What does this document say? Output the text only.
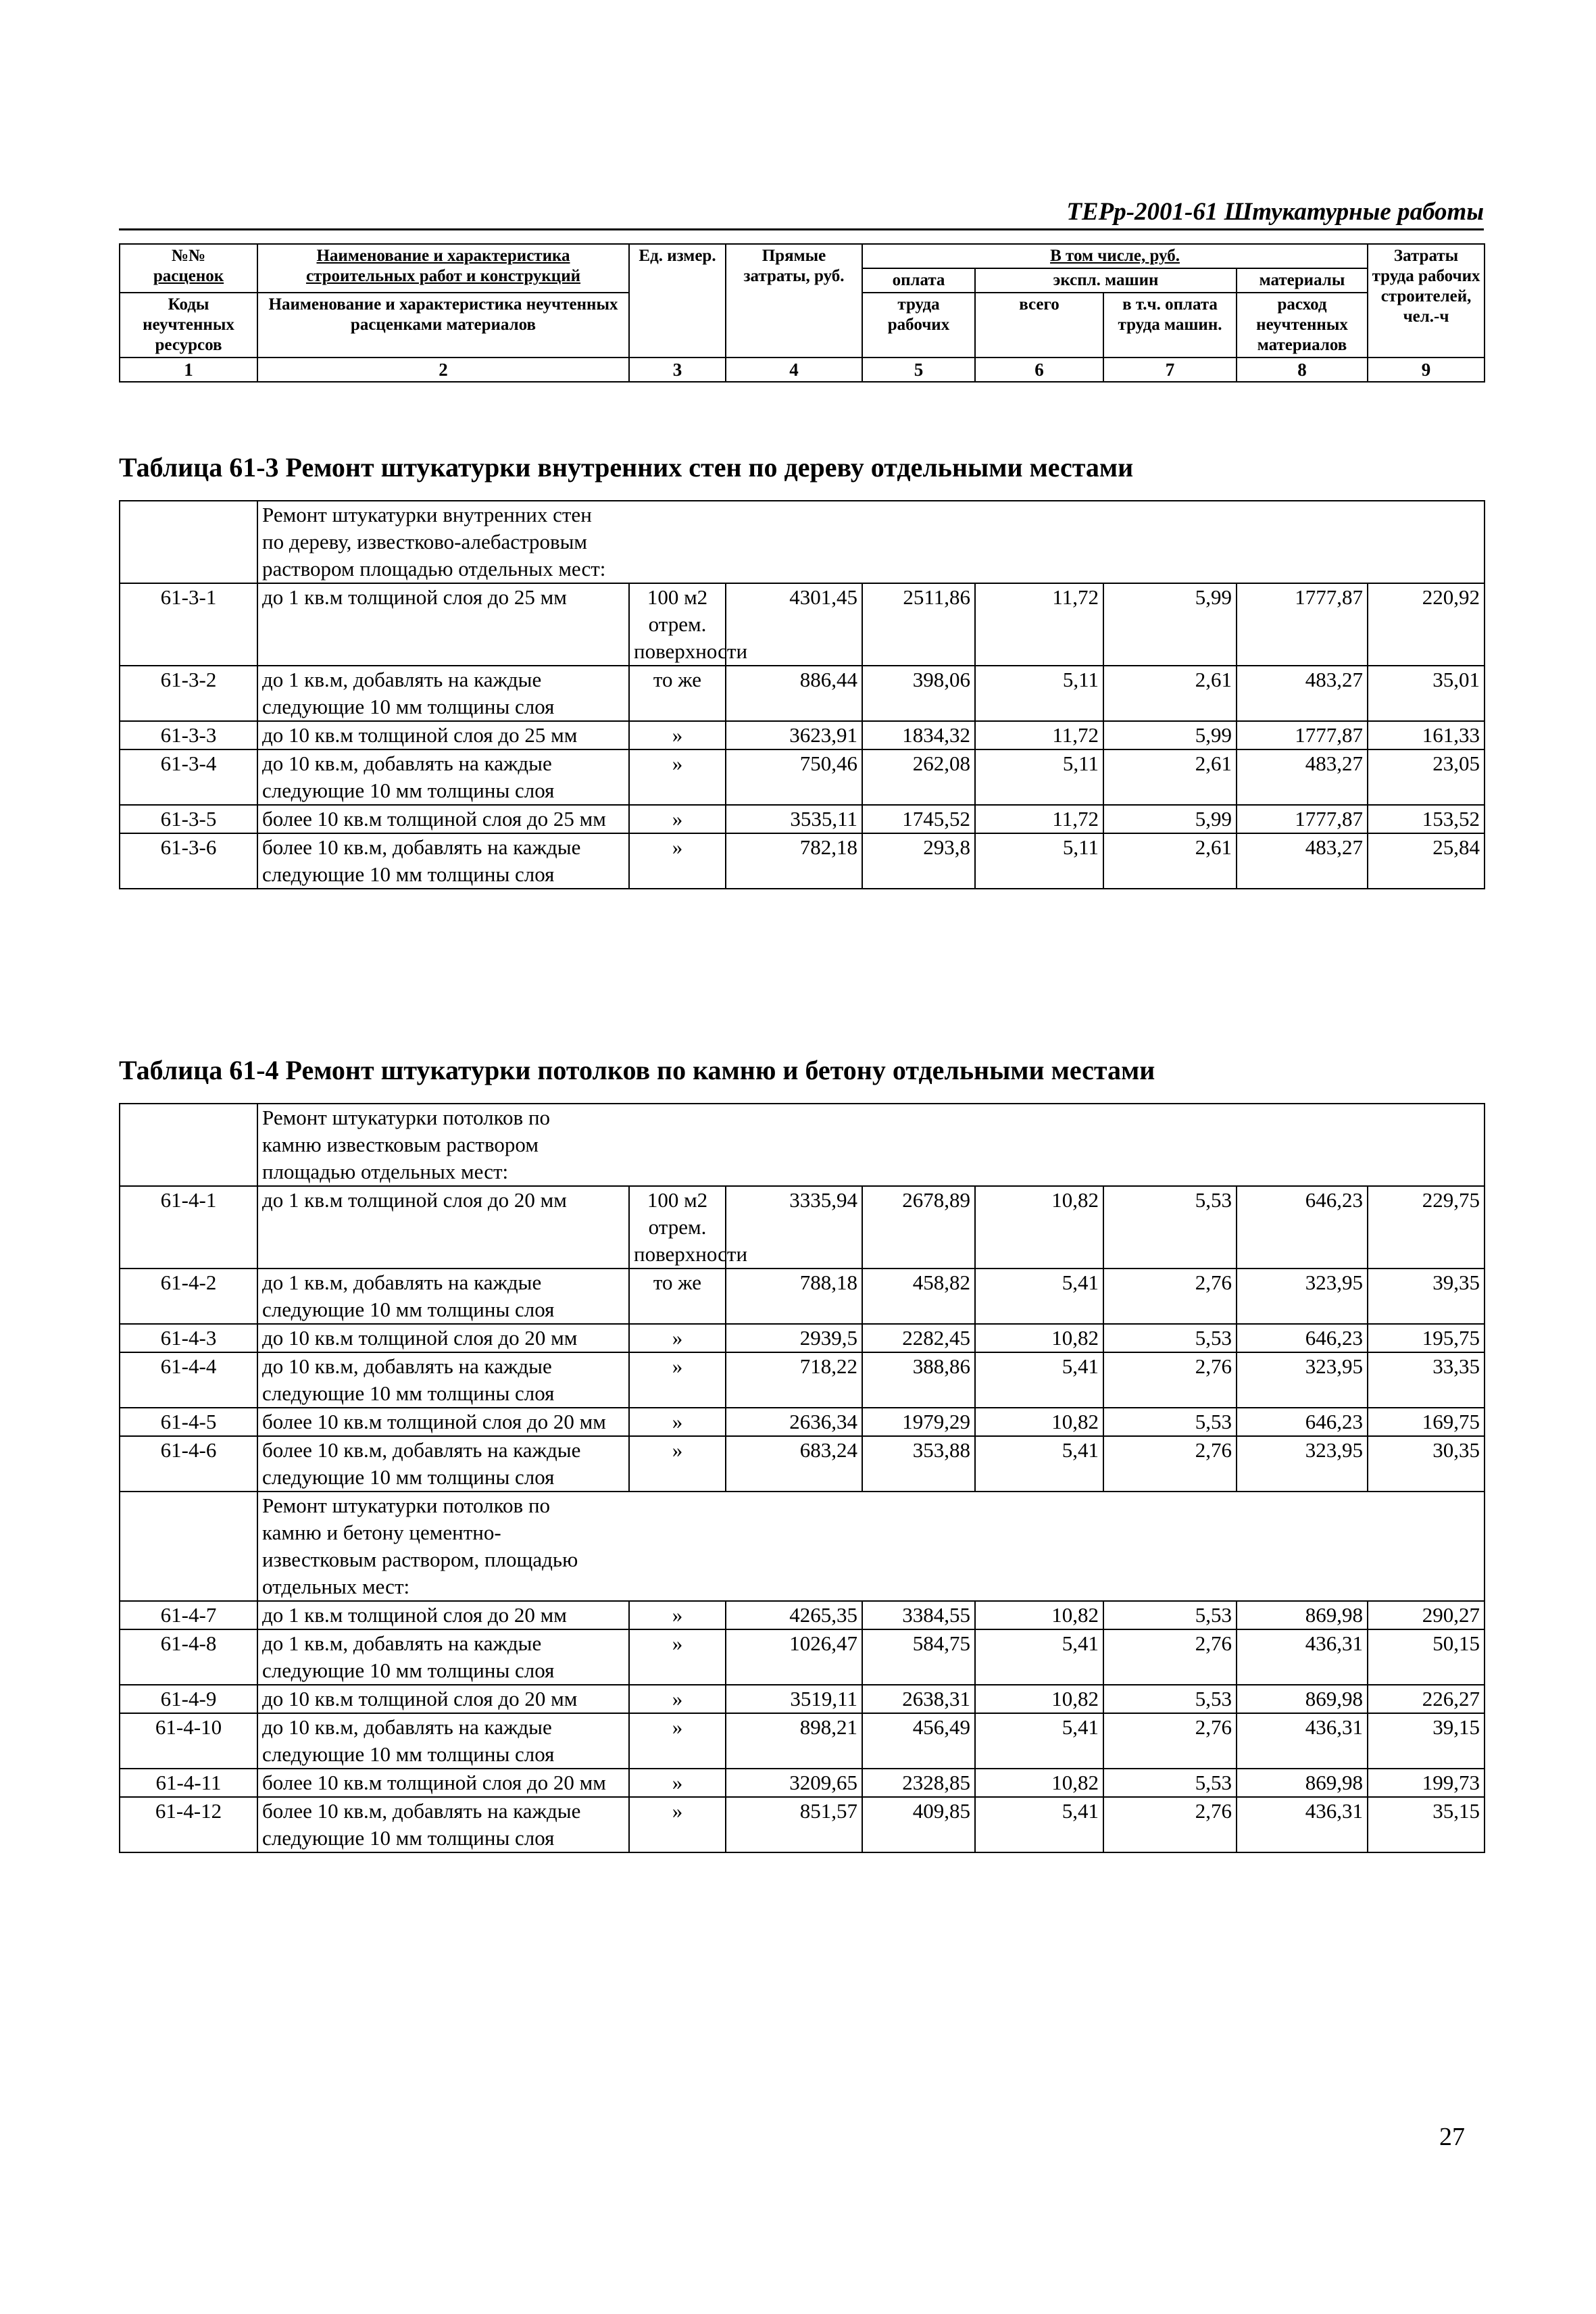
ТЕРр-2001-61 Штукатурные работы
№№
расценок	Наименование и характеристика строительных работ и конструкций	Ед. измер.	Прямые затраты, руб.	В том числе, руб.				Затраты труда рабочих строителей, чел.-ч
				оплата	экспл. машин		материалы	
Коды неучтенных ресурсов	Наименование и характеристика неучтенных расценками материалов			труда рабочих	всего	в т.ч. оплата труда машин.	расход неучтенных материалов	

1	2	3	4	5	6	7	8	9
Таблица 61-3 Ремонт штукатурки внутренних стен по дереву отдельными местами

	Ремонт штукатурки внутренних стен по дереву, известково-алебастровым раствором площадью отдельных мест:							

61-3-1	до 1 кв.м толщиной слоя до 25 мм	100 м2 отрем. поверхности	4301,45	2511,86	11,72	5,99	1777,87	220,92
61-3-2	до 1 кв.м, добавлять на каждые следующие 10 мм толщины слоя	то же	886,44	398,06	5,11	2,61	483,27	35,01
61-3-3	до 10 кв.м толщиной слоя до 25 мм	»	3623,91	1834,32	11,72	5,99	1777,87	161,33
61-3-4	до 10 кв.м, добавлять на каждые следующие 10 мм толщины слоя	»	750,46	262,08	5,11	2,61	483,27	23,05
61-3-5	более 10 кв.м толщиной слоя до 25 мм	»	3535,11	1745,52	11,72	5,99	1777,87	153,52
61-3-6	более 10 кв.м, добавлять на каждые следующие 10 мм толщины слоя	»	782,18	293,8	5,11	2,61	483,27	25,84
Таблица 61-4 Ремонт штукатурки потолков по камню и бетону отдельными местами

	Ремонт штукатурки потолков по камню известковым раствором площадью отдельных мест:							

61-4-1	до 1 кв.м толщиной слоя до 20 мм	100 м2 отрем. поверхности	3335,94	2678,89	10,82	5,53	646,23	229,75
61-4-2	до 1 кв.м, добавлять на каждые следующие 10 мм толщины слоя	то же	788,18	458,82	5,41	2,76	323,95	39,35
61-4-3	до 10 кв.м толщиной слоя до 20 мм	»	2939,5	2282,45	10,82	5,53	646,23	195,75
61-4-4	до 10 кв.м, добавлять на каждые следующие 10 мм толщины слоя	»	718,22	388,86	5,41	2,76	323,95	33,35
61-4-5	более 10 кв.м толщиной слоя до 20 мм	»	2636,34	1979,29	10,82	5,53	646,23	169,75
61-4-6	более 10 кв.м, добавлять на каждые следующие 10 мм толщины слоя	»	683,24	353,88	5,41	2,76	323,95	30,35

	Ремонт штукатурки потолков по камню и бетону цементно-известковым раствором, площадью отдельных мест:							

61-4-7	до 1 кв.м толщиной слоя до 20 мм	»	4265,35	3384,55	10,82	5,53	869,98	290,27
61-4-8	до 1 кв.м, добавлять на каждые следующие 10 мм толщины слоя	»	1026,47	584,75	5,41	2,76	436,31	50,15
61-4-9	до 10 кв.м толщиной слоя до 20 мм	»	3519,11	2638,31	10,82	5,53	869,98	226,27
61-4-10	до 10 кв.м, добавлять на каждые следующие 10 мм толщины слоя	»	898,21	456,49	5,41	2,76	436,31	39,15
61-4-11	более 10 кв.м толщиной слоя до 20 мм	»	3209,65	2328,85	10,82	5,53	869,98	199,73
61-4-12	более 10 кв.м, добавлять на каждые следующие 10 мм толщины слоя	»	851,57	409,85	5,41	2,76	436,31	35,15
27
